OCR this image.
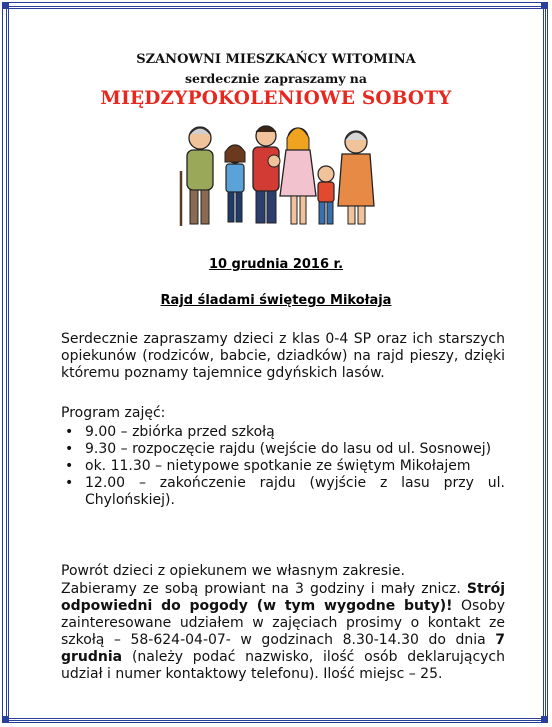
SZANOWNI MIESZKAŃCY WITOMINA
serdecznie zapraszamy na
MIĘDZYPOKOLENIOWE SOBOTY
10 grudnia 2016 r.
Rajd śladami świętego Mikołaja
Serdecznie zapraszamy dzieci z klas 0-4 SP oraz ich starszych opiekunów (rodziców, babcie, dziadków) na rajd pieszy, dzięki któremu poznamy tajemnice gdyńskich lasów.
Program zajęć:
• 9.00 – zbiórka przed szkołą
• 9.30 – rozpoczęcie rajdu (wejście do lasu od ul. Sosnowej)
• ok. 11.30 – nietypowe spotkanie ze świętym Mikołajem
• 12.00 – zakończenie rajdu (wyjście z lasu przy ul. Chylońskiej).
Powrót dzieci z opiekunem we własnym zakresie.
Zabieramy ze sobą prowiant na 3 godziny i mały znicz. Strój odpowiedni do pogody (w tym wygodne buty)! Osoby zainteresowane udziałem w zajęciach prosimy o kontakt ze szkołą – 58-624-04-07- w godzinach 8.30-14.30 do dnia 7 grudnia (należy podać nazwisko, ilość osób deklarujących udział i numer kontaktowy telefonu). Ilość miejsc – 25.
